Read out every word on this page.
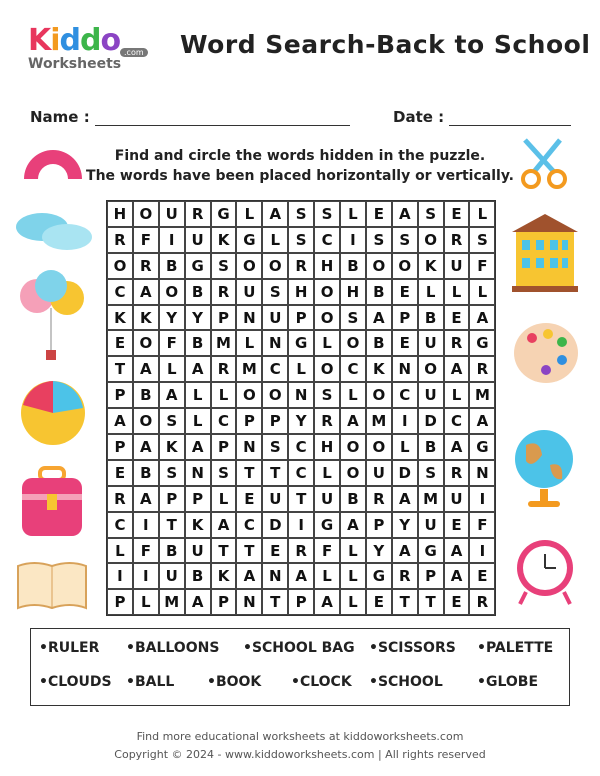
Kiddo
Worksheets
.com Word Search-Back to School
Name :	Date :
Find and circle the words hidden in the puzzle.
The words have been placed horizontally or vertically.
H O U R G L	A S	S	L	E A S	E	L
R F	I	U K G L	S C	I	S	S O R S
O R B G S O O R H B O O K U F
C A O B R U S H O H B	E	L	L	L
K K Y	Y P N U P O S A P B	E A
E O F	B M L N G L O B	E U R G
T A	L	A R M C	L O C K N O A R
P B A	L	L O O N S	L O C U	L M
A O S	L	C P P Y R A M	I	D C A
P A K A P N S C H O O L	B A G
E	B S N S	T	T	C	L O U D S R N
R A P P	L	E U T U B R A M U	I
C	I	T K A C D	I	G A P Y U E	F
L	F	B U T	T	E R F	L	Y A G A	I
I	I	U B K A N A	L	L G R P A E
P	L M A P N T	P A	L	E	T	T	E R
• RULER • BALLOONS • SCHOOL BAG • SCISSORS • PALETTE
• CLOUDS • BALL • BOOK • CLOCK • SCHOOL • GLOBE
Find more educational worksheets at kiddoworksheets.com
Copyright © 2024 - www.kiddoworksheets.com | All rights reserved
